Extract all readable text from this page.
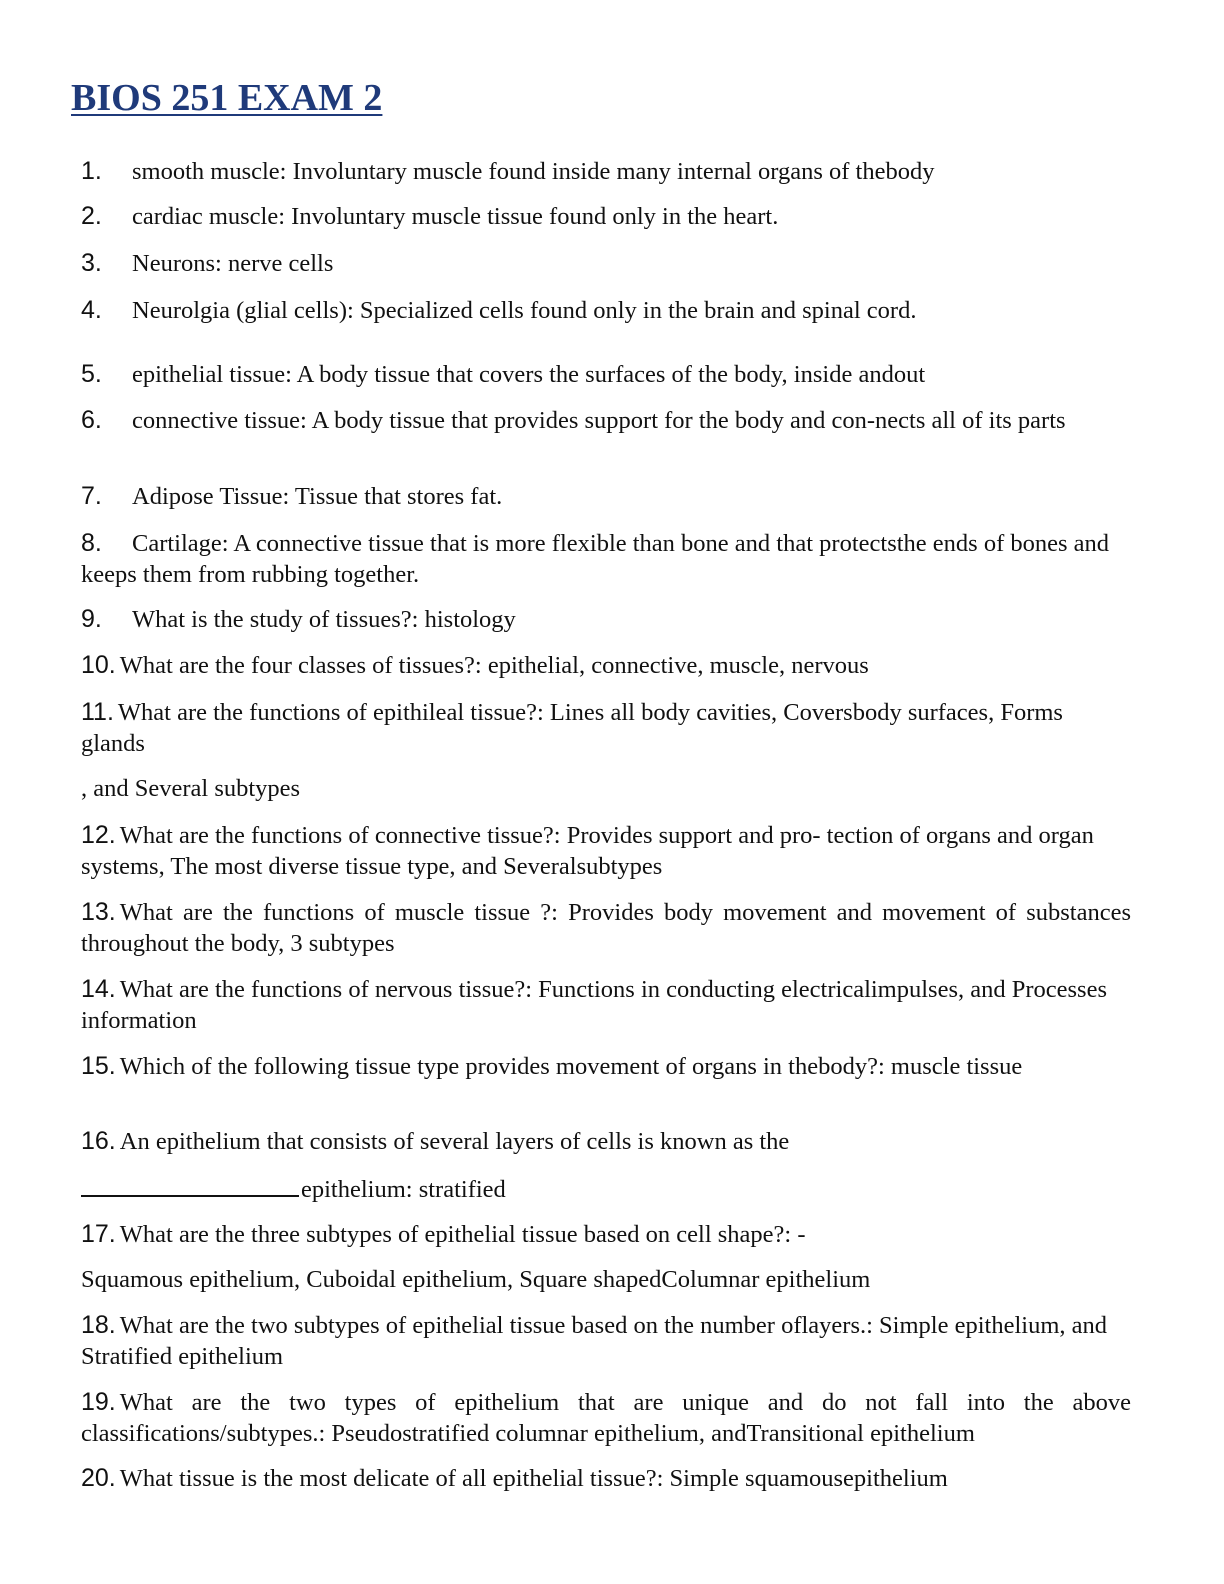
BIOS 251 EXAM 2

1. smooth muscle: Involuntary muscle found inside many internal organs of thebody

2. cardiac muscle: Involuntary muscle tissue found only in the heart.

3. Neurons: nerve cells

4. Neurolgia (glial cells): Specialized cells found only in the brain and spinal cord.

5. epithelial tissue: A body tissue that covers the surfaces of the body, inside andout

6. connective tissue: A body tissue that provides support for the body and con-nects all of its parts

7. Adipose Tissue: Tissue that stores fat.

8. Cartilage: A connective tissue that is more flexible than bone and that protectsthe ends of bones and keeps them from rubbing together.

9. What is the study of tissues?: histology

10. What are the four classes of tissues?: epithelial, connective, muscle, nervous

11. What are the functions of epithileal tissue?: Lines all body cavities, Coversbody surfaces, Forms glands

, and Several subtypes

12. What are the functions of connective tissue?: Provides support and pro- tection of organs and organ systems, The most diverse tissue type, and Severalsubtypes

13. What are the functions of muscle tissue ?: Provides body movement and movement of substances throughout the body, 3 subtypes

14. What are the functions of nervous tissue?: Functions in conducting electricalimpulses, and Processes information

15. Which of the following tissue type provides movement of organs in thebody?: muscle tissue

16. An epithelium that consists of several layers of cells is known as the

epithelium: stratified

17. What are the three subtypes of epithelial tissue based on cell shape?: -

Squamous epithelium, Cuboidal epithelium, Square shapedColumnar epithelium

18. What are the two subtypes of epithelial tissue based on the number oflayers.: Simple epithelium, and Stratified epithelium

19. What are the two types of epithelium that are unique and do not fall into the above classifications/subtypes.: Pseudostratified columnar epithelium, andTransitional epithelium

20. What tissue is the most delicate of all epithelial tissue?: Simple squamousepithelium
